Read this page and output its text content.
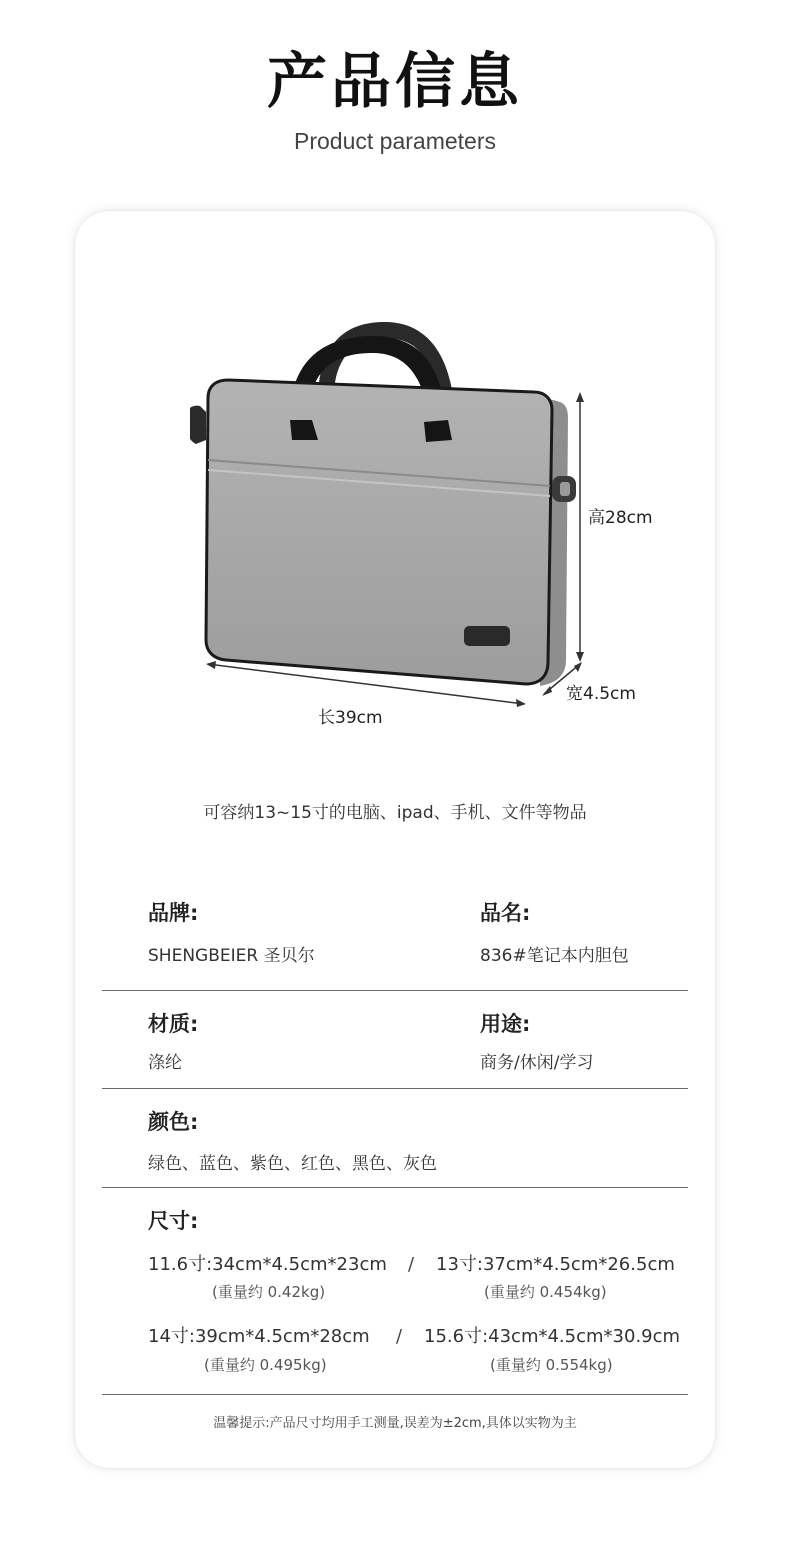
产品信息
Product parameters
高28cm
宽4.5cm
长39cm
可容纳13~15寸的电脑、ipad、手机、文件等物品
品牌:
SHENGBEIER 圣贝尔
品名:
836#笔记本内胆包
材质:
涤纶
用途:
商务/休闲/学习
颜色:
绿色、蓝色、紫色、红色、黑色、灰色
尺寸:
11.6寸:34cm*4.5cm*23cm / 13寸:37cm*4.5cm*26.5cm
(重量约 0.42kg)	(重量约 0.454kg)
14寸:39cm*4.5cm*28cm / 15.6寸:43cm*4.5cm*30.9cm
(重量约 0.495kg)	(重量约 0.554kg)
温馨提示:产品尺寸均用手工测量,误差为±2cm,具体以实物为主
